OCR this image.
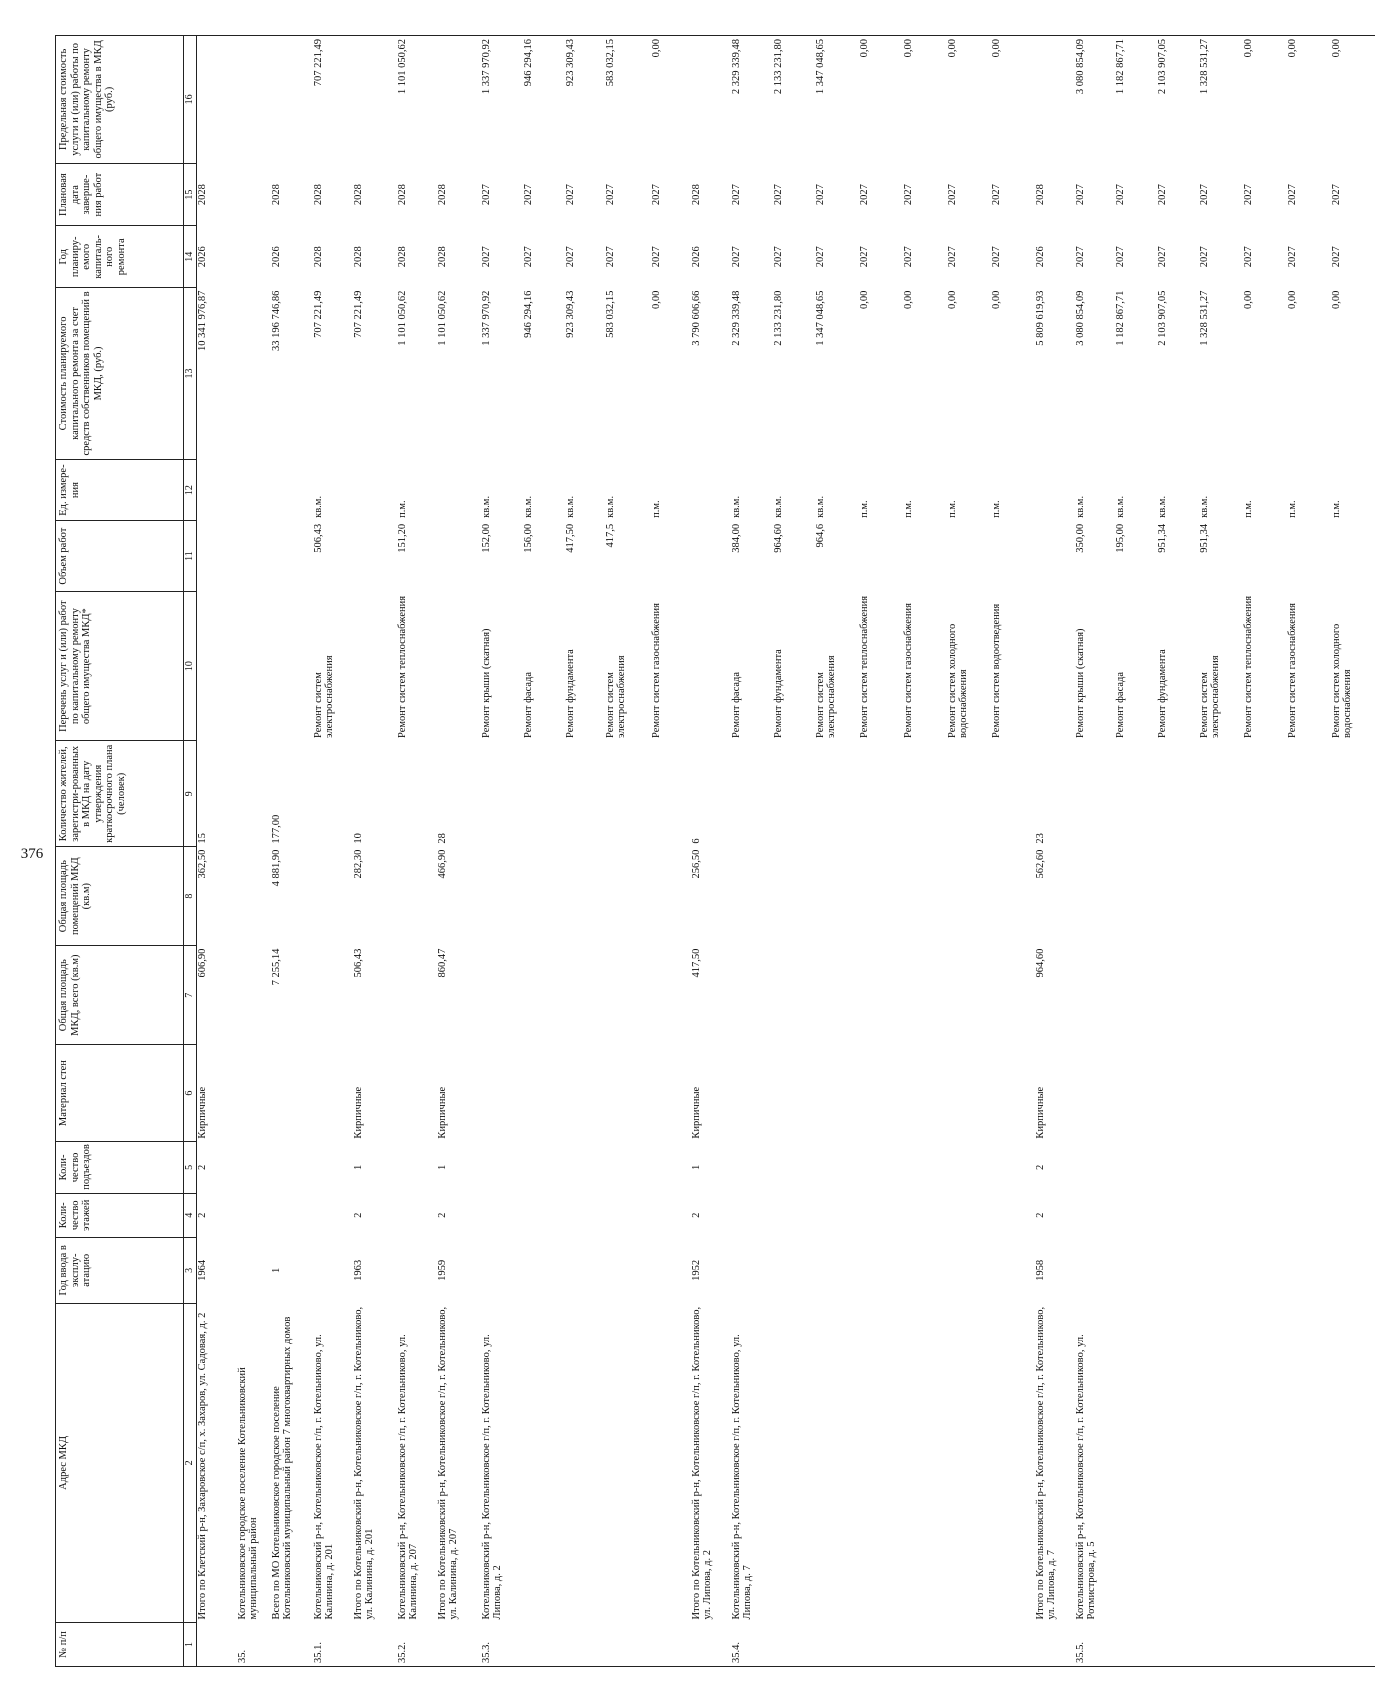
376
№ п/п	Адрес МКД	Год ввода в эксплу-атацию	Коли-чество этажей	Коли-чество подъездов	Материал стен	Общая площадь МКД, всего (кв.м)	Общая площадь помещений МКД (кв.м)	Количество жителей, зарегистри-рованных в МКД на дату утверждения краткосрочного плана (человек)	Перечень услуг и (или) работ по капитальному ремонту общего имущества МКД*	Объем работ	Ед. измере-ния	Стоимость планируемого капитального ремонта за счет средств собственников помещений в МКД, (руб.)	Год планиру-емого капиталь-ного ремонта	Плановая дата заверше-ния работ	Предельная стоимость услуги и (или) работы по капитальному ремонту общего имущества в МКД (руб.)
1	2	3	4	5	6	7	8	9	10	11	12	13	14	15	16
	Итого по Клетский р-н, Захаровское с/п, х. Захаров, ул. Садовая, д. 2	1964	2	2	Кирпичные	606,90	362,50	15				10 341 976,87	2026	2028	
35.	Котельниковское городское поселение Котельниковский муниципальный район														
	Всего по МО Котельниковское городское поселение Котельниковский муниципальный район 7 многоквартирных домов	1				7 255,14	4 881,90	177,00				33 196 746,86	2026	2028	
35.1.	Котельниковский р-н, Котельниковское г/п, г. Котельниково, ул. Калинина, д. 201								Ремонт систем электроснабжения	506,43	кв.м.	707 221,49	2028	2028	707 221,49
	Итого по Котельниковский р-н, Котельниковское г/п, г. Котельниково, ул. Калинина, д. 201	1963	2	1	Кирпичные	506,43	282,30	10				707 221,49	2028	2028	
35.2.	Котельниковский р-н, Котельниковское г/п, г. Котельниково, ул. Калинина, д. 207								Ремонт систем теплоснабжения	151,20	п.м.	1 101 050,62	2028	2028	1 101 050,62
	Итого по Котельниковский р-н, Котельниковское г/п, г. Котельниково, ул. Калинина, д. 207	1959	2	1	Кирпичные	860,47	466,90	28				1 101 050,62	2028	2028	
35.3.	Котельниковский р-н, Котельниковское г/п, г. Котельниково, ул. Липова, д. 2								Ремонт крыши (скатная)	152,00	кв.м.	1 337 970,92	2027	2027	1 337 970,92
									Ремонт фасада	156,00	кв.м.	946 294,16	2027	2027	946 294,16
									Ремонт фундамента	417,50	кв.м.	923 309,43	2027	2027	923 309,43
									Ремонт систем электроснабжения	417,5	кв.м.	583 032,15	2027	2027	583 032,15
									Ремонт систем газоснабжения		п.м.	0,00	2027	2027	0,00
	Итого по Котельниковский р-н, Котельниковское г/п, г. Котельниково, ул. Липова, д. 2	1952	2	1	Кирпичные	417,50	256,50	6				3 790 606,66	2026	2028	
35.4.	Котельниковский р-н, Котельниковское г/п, г. Котельниково, ул. Липова, д. 7								Ремонт фасада	384,00	кв.м.	2 329 339,48	2027	2027	2 329 339,48
									Ремонт фундамента	964,60	кв.м.	2 133 231,80	2027	2027	2 133 231,80
									Ремонт систем электроснабжения	964,6	кв.м.	1 347 048,65	2027	2027	1 347 048,65
									Ремонт систем теплоснабжения		п.м.	0,00	2027	2027	0,00
									Ремонт систем газоснабжения		п.м.	0,00	2027	2027	0,00
									Ремонт систем холодного водоснабжения		п.м.	0,00	2027	2027	0,00
									Ремонт систем водоотведения		п.м.	0,00	2027	2027	0,00
	Итого по Котельниковский р-н, Котельниковское г/п, г. Котельниково, ул. Липова, д. 7	1958	2	2	Кирпичные	964,60	562,60	23				5 809 619,93	2026	2028	
35.5.	Котельниковский р-н, Котельниковское г/п, г. Котельниково, ул. Ротмистрова, д. 5								Ремонт крыши (скатная)	350,00	кв.м.	3 080 854,09	2027	2027	3 080 854,09
									Ремонт фасада	195,00	кв.м.	1 182 867,71	2027	2027	1 182 867,71
									Ремонт фундамента	951,34	кв.м.	2 103 907,05	2027	2027	2 103 907,05
									Ремонт систем электроснабжения	951,34	кв.м.	1 328 531,27	2027	2027	1 328 531,27
									Ремонт систем теплоснабжения		п.м.	0,00	2027	2027	0,00
									Ремонт систем газоснабжения		п.м.	0,00	2027	2027	0,00
									Ремонт систем холодного водоснабжения		п.м.	0,00	2027	2027	0,00
